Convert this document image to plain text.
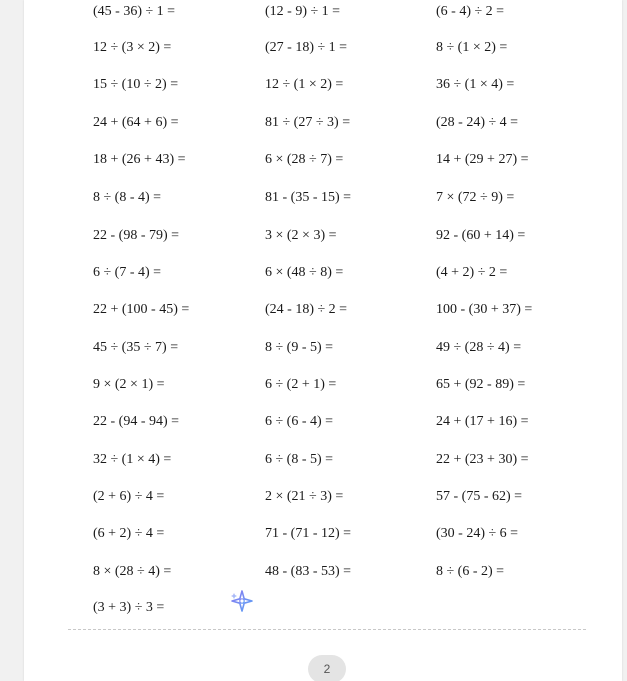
(45 - 36) ÷ 1 =	(12 - 9) ÷ 1 =	(6 - 4) ÷ 2 =
12 ÷ (3 × 2) =	(27 - 18) ÷ 1 =	8 ÷ (1 × 2) =
15 ÷ (10 ÷ 2) =	12 ÷ (1 × 2) =	36 ÷ (1 × 4) =
24 + (64 + 6) =	81 ÷ (27 ÷ 3) =	(28 - 24) ÷ 4 =
18 + (26 + 43) =	6 × (28 ÷ 7) =	14 + (29 + 27) =
8 ÷ (8 - 4) =	81 - (35 - 15) =	7 × (72 ÷ 9) =
22 - (98 - 79) =	3 × (2 × 3) =	92 - (60 + 14) =
6 ÷ (7 - 4) =	6 × (48 ÷ 8) =	(4 + 2) ÷ 2 =
22 + (100 - 45) =	(24 - 18) ÷ 2 =	100 - (30 + 37) =
45 ÷ (35 ÷ 7) =	8 ÷ (9 - 5) =	49 ÷ (28 ÷ 4) =
9 × (2 × 1) =	6 ÷ (2 + 1) =	65 + (92 - 89) =
22 - (94 - 94) =	6 ÷ (6 - 4) =	24 + (17 + 16) =
32 ÷ (1 × 4) =	6 ÷ (8 - 5) =	22 + (23 + 30) =
(2 + 6) ÷ 4 =	2 × (21 ÷ 3) =	57 - (75 - 62) =
(6 + 2) ÷ 4 =	71 - (71 - 12) =	(30 - 24) ÷ 6 =
8 × (28 ÷ 4) =	48 - (83 - 53) =	8 ÷ (6 - 2) =
(3 + 3) ÷ 3 =
2
